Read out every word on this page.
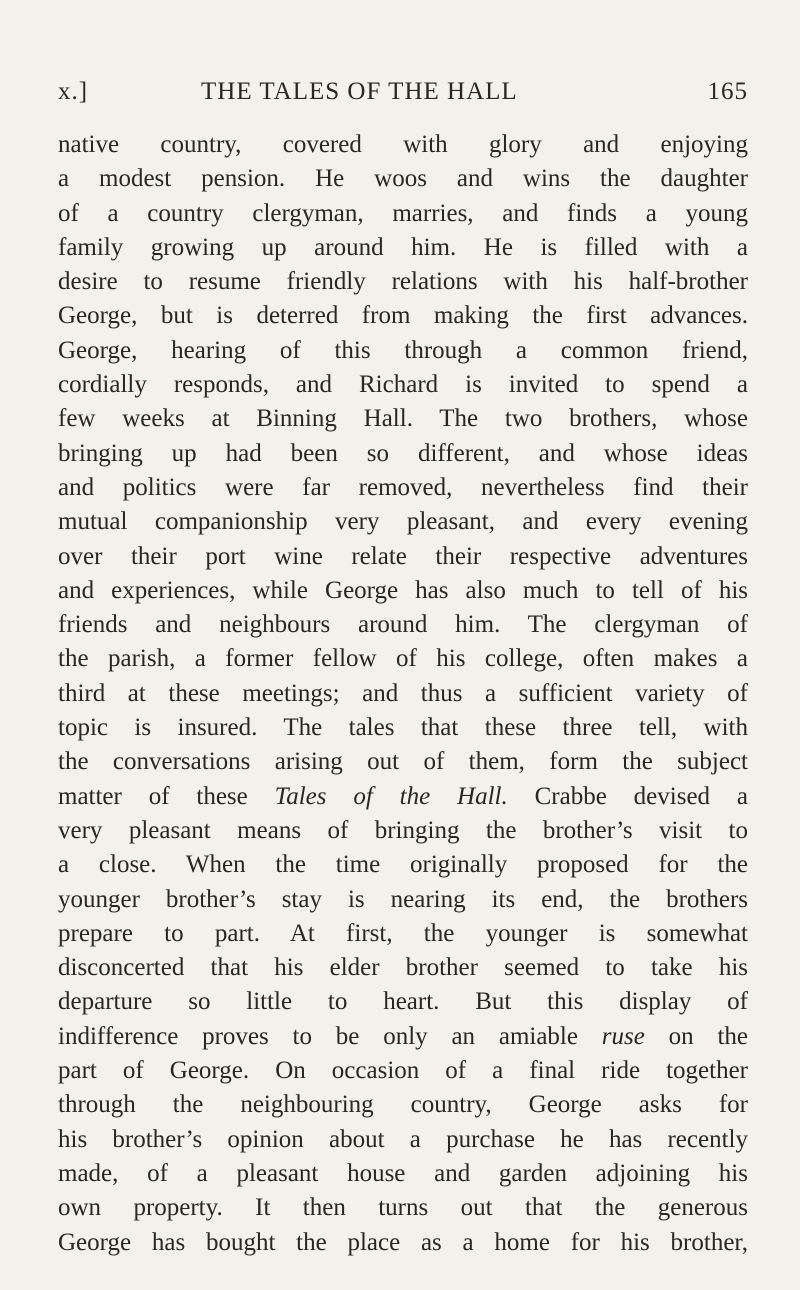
x.]	THE TALES OF THE HALL	165
native country, covered with glory and enjoying
a modest pension. He woos and wins the daughter
of a country clergyman, marries, and finds a young
family growing up around him. He is filled with a
desire to resume friendly relations with his half-brother
George, but is deterred from making the first advances.
George, hearing of this through a common friend,
cordially responds, and Richard is invited to spend a
few weeks at Binning Hall. The two brothers, whose
bringing up had been so different, and whose ideas
and politics were far removed, nevertheless find their
mutual companionship very pleasant, and every evening
over their port wine relate their respective adventures
and experiences, while George has also much to tell of his
friends and neighbours around him. The clergyman of
the parish, a former fellow of his college, often makes a
third at these meetings; and thus a sufficient variety of
topic is insured. The tales that these three tell, with
the conversations arising out of them, form the subject
matter of these Tales of the Hall. Crabbe devised a
very pleasant means of bringing the brother’s visit to
a close. When the time originally proposed for the
younger brother’s stay is nearing its end, the brothers
prepare to part. At first, the younger is somewhat
disconcerted that his elder brother seemed to take his
departure so little to heart. But this display of
indifference proves to be only an amiable ruse on the
part of George. On occasion of a final ride together
through the neighbouring country, George asks for
his brother’s opinion about a purchase he has recently
made, of a pleasant house and garden adjoining his
own property. It then turns out that the generous
George has bought the place as a home for his brother,
